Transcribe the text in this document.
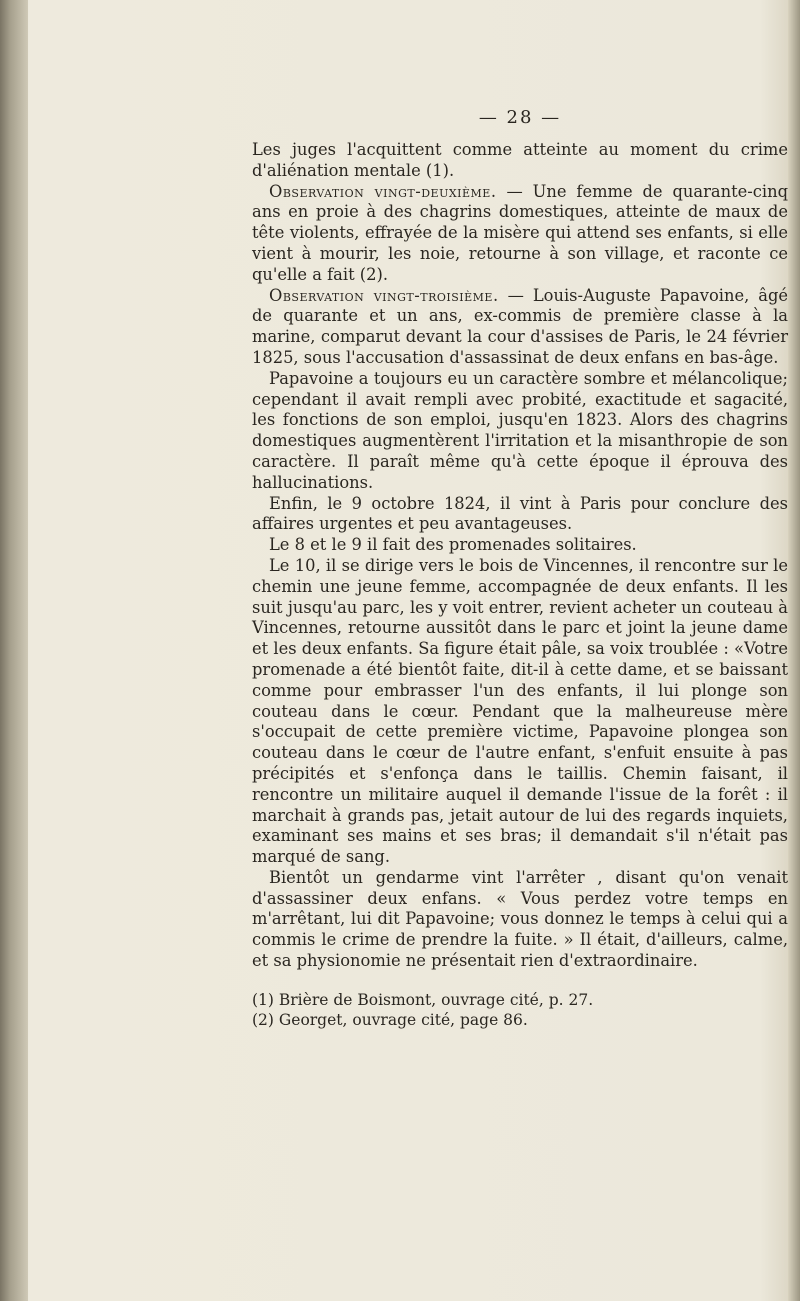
— 28 —

Les juges l'acquittent comme atteinte au moment du crime d'aliénation mentale (1).

Observation vingt-deuxième. — Une femme de quarante-cinq ans en proie à des chagrins domestiques, atteinte de maux de tête violents, effrayée de la misère qui attend ses enfants, si elle vient à mourir, les noie, retourne à son village, et raconte ce qu'elle a fait (2).

Observation vingt-troisième. — Louis-Auguste Papavoine, âgé de quarante et un ans, ex-commis de première classe à la marine, comparut devant la cour d'assises de Paris, le 24 février 1825, sous l'accusation d'assassinat de deux enfans en bas-âge.

Papavoine a toujours eu un caractère sombre et mélancolique; cependant il avait rempli avec probité, exactitude et sagacité, les fonctions de son emploi, jusqu'en 1823. Alors des chagrins domestiques augmentèrent l'irritation et la misanthropie de son caractère. Il paraît même qu'à cette époque il éprouva des hallucinations.

Enfin, le 9 octobre 1824, il vint à Paris pour conclure des affaires urgentes et peu avantageuses.

Le 8 et le 9 il fait des promenades solitaires.

Le 10, il se dirige vers le bois de Vincennes, il rencontre sur le chemin une jeune femme, accompagnée de deux enfants. Il les suit jusqu'au parc, les y voit entrer, revient acheter un couteau à Vincennes, retourne aussitôt dans le parc et joint la jeune dame et les deux enfants. Sa figure était pâle, sa voix troublée : «Votre promenade a été bientôt faite, dit-il à cette dame, et se baissant comme pour embrasser l'un des enfants, il lui plonge son couteau dans le cœur. Pendant que la malheureuse mère s'occupait de cette première victime, Papavoine plongea son couteau dans le cœur de l'autre enfant, s'enfuit ensuite à pas précipités et s'enfonça dans le taillis. Chemin faisant, il rencontre un militaire auquel il demande l'issue de la forêt : il marchait à grands pas, jetait autour de lui des regards inquiets, examinant ses mains et ses bras; il demandait s'il n'était pas marqué de sang.

Bientôt un gendarme vint l'arrêter , disant qu'on venait d'assassiner deux enfans. « Vous perdez votre temps en m'arrêtant, lui dit Papavoine; vous donnez le temps à celui qui a commis le crime de prendre la fuite. » Il était, d'ailleurs, calme, et sa physionomie ne présentait rien d'extraordinaire.

(1) Brière de Boismont, ouvrage cité, p. 27.
(2) Georget, ouvrage cité, page 86.
